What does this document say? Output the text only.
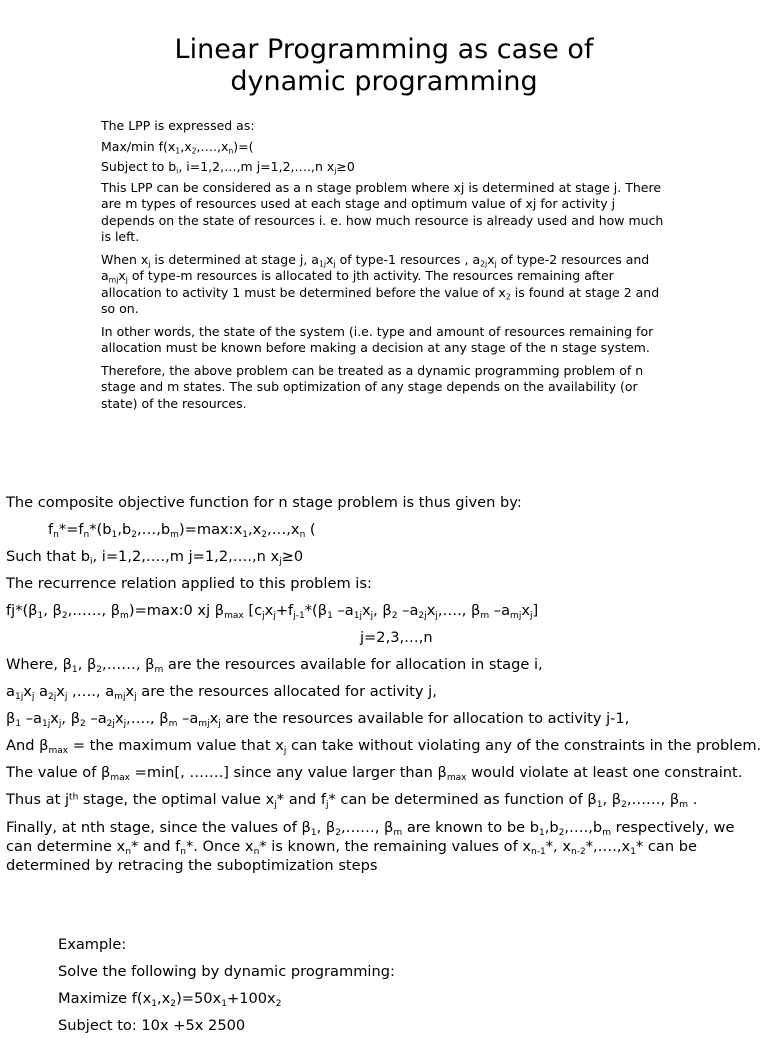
Linear Programming as case of
dynamic programming

The LPP is expressed as:

Max/min $f(x_1,x_2,\dots.,x_n)=$(

Subject to $b_i$, i=1,2,…,m j=1,2,….,n $x_j\ge 0$

This LPP can be considered as a n stage problem where xj is determined at stage j. There are m types of resources used at each stage and optimum value of xj for activity j depends on the state of resources i. e. how much resource is already used and how much is left.

When $x_j$ is determined at stage j, $a_{1j}x_j$ of type-1 resources , $a_{2j}x_j$ of type-2 resources and $a_{mj}x_j$ of type-m resources is allocated to jth activity. The resources remaining after allocation to activity 1 must be determined before the value of $x_2$ is found at stage 2 and so on.

In other words, the state of the system (i.e. type and amount of resources remaining for allocation must be known before making a decision at any stage of the n stage system.

Therefore, the above problem can be treated as a dynamic programming problem of n stage and m states. The sub optimization of any stage depends on the availability (or state) of the resources.

The composite objective function for n stage problem is thus given by:
$f_n*=f_n*(b_1,b_2,\dots,b_m)=\max:x_1,x_2,\dots,x_n$ (
Such that $b_i$, i=1,2,….,m j=1,2,….,n $x_j\ge 0$
The recurrence relation applied to this problem is:
$fj*(\beta_1$, $\beta_2,\dots\dots$, $\beta_m)=\max:0$ xj $\beta_{max}$ [$c_jx_j+f_{j-1}*(\beta_1$ $-a_{1j}x_j$, $\beta_2$ $-a_{2j}x_j,\dots$., $\beta_m$ $-a_{mj}x_j$]
j=2,3,…,n
Where, $\beta_1$, $\beta_2,\dots\dots$, $\beta_m$ are the resources available for allocation in stage i,
$a_{1j}x_j$ $a_{2j}x_j$ ,…., $a_{mj}x_j$ are the resources allocated for activity j,
$\beta_1$ $-a_{1j}x_j$, $\beta_2$ $-a_{2j}x_j,\dots$., $\beta_m$ $-a_{mj}x_j$ are the resources available for allocation to activity j-1,
And $\beta_{max}$ = the maximum value that $x_j$ can take without violating any of the constraints in the problem.
The value of $\beta_{max} =\min$[, …….] since any value larger than $\beta_{max}$ would violate at least one constraint.
Thus at $j^{th}$ stage, the optimal value $x_j*$ and $f_j*$ can be determined as function of $\beta_1$, $\beta_2,\dots\dots$, $\beta_m$ .
Finally, at nth stage, since the values of $\beta_1$, $\beta_2,\dots\dots$, $\beta_m$ are known to be $b_1,b_2,\dots.,b_m$ respectively, we can determine $x_n*$ and $f_n*$. Once $x_n*$ is known, the remaining values of $x_{n-1}*$, $x_{n-2}*,\dots.,x_1*$ can be determined by retracing the suboptimization steps
Example:
Solve the following by dynamic programming:
Maximize $f(x_1,x_2)=50x_1+100x_2$
Subject to: 10x +5x 2500
